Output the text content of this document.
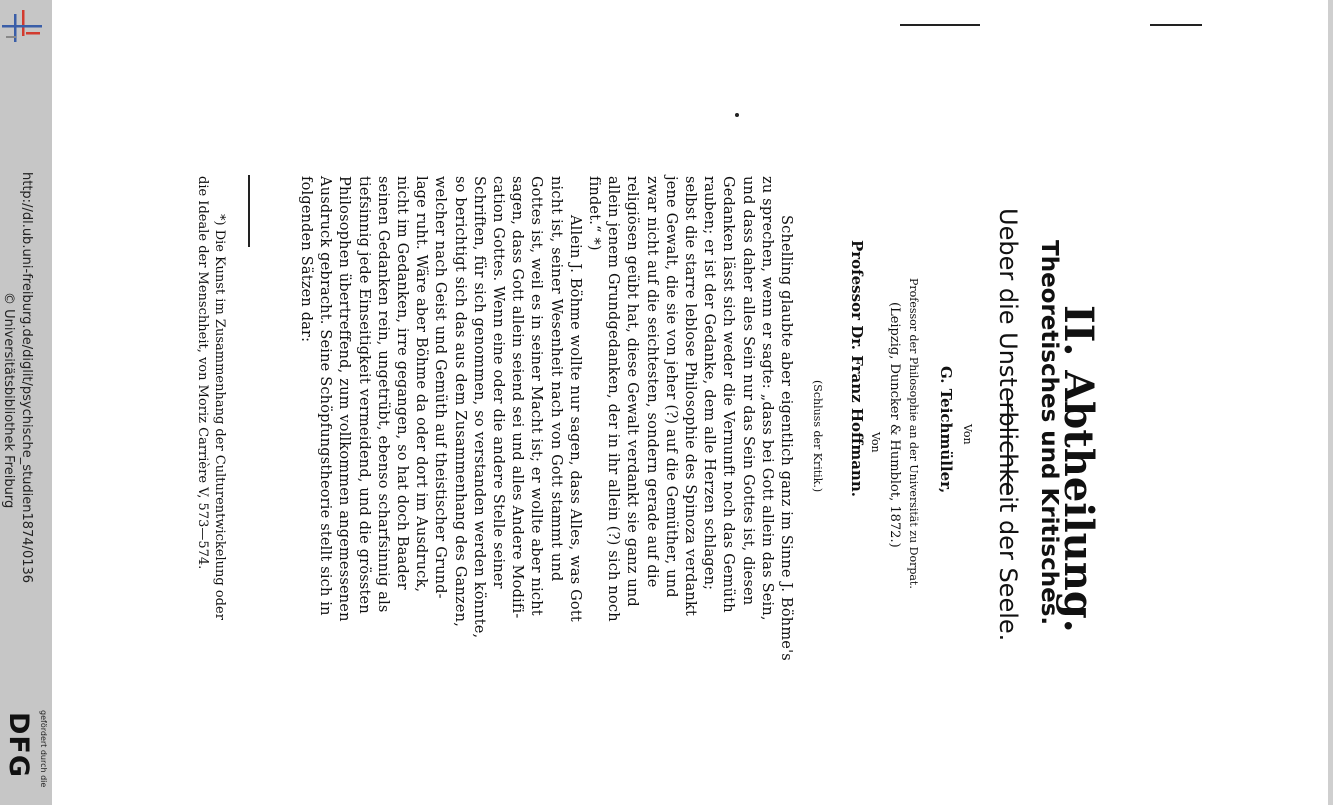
http://dl.ub.uni-freiburg.de/diglit/psychische_studien1874/0136
© Universitätsbibliothek Freiburg
gefördert durch die
DFG
II. Abtheilung.
Theoretisches und Kritisches.
Ueber die Unsterblichkeit der Seele.
Von
G. Teichmüller,
Professor der Philosophie an der Universität zu Dorpat.
(Leipzig, Duncker & Humblot, 1872.)
Von
Professor Dr. Franz Hoffmann.
(Schluss der Kritik.)
Schelling glaubte aber eigentlich ganz im Sinne J. Böhme's
zu sprechen, wenn er sagte: „dass bei Gott allein das Sein,
und dass daher alles Sein nur das Sein Gottes ist, diesen
Gedanken lässt sich weder die Vernunft noch das Gemüth
rauben; er ist der Gedanke, dem alle Herzen schlagen;
selbst die starre leblose Philosophie des Spinoza verdankt
jene Gewalt, die sie von jeher (?) auf die Gemüther, und
zwar nicht auf die seichtesten, sondern gerade auf die
religiösen geübt hat, diese Gewalt verdankt sie ganz und
allein jenem Grundgedanken, der in ihr allein (?) sich noch
findet.“ *)
Allein J. Böhme wollte nur sagen, dass Alles, was Gott
nicht ist, seiner Wesenheit nach von Gott stammt und
Gottes ist, weil es in seiner Macht ist; er wollte aber nicht
sagen, dass Gott allein seiend sei und alles Andere Modifi-
cation Gottes. Wenn eine oder die andere Stelle seiner
Schriften, für sich genommen, so verstanden werden könnte,
so berichtigt sich das aus dem Zusammenhang des Ganzen,
welcher nach Geist und Gemüth auf theistischer Grund-
lage ruht. Wäre aber Böhme da oder dort im Ausdruck,
nicht im Gedanken, irre gegangen, so hat doch Baader
seinen Gedanken rein, ungetrübt, ebenso scharfsinnig als
tiefsinnig jede Einseitigkeit vermeidend, und die grössten
Philosophen übertreffend, zum vollkommen angemessenen
Ausdruck gebracht. Seine Schöpfungstheorie stellt sich in
folgenden Sätzen dar:
*) Die Kunst im Zusammenhang der Culturentwickelung oder
die Ideale der Menschheit, von Moriz Carrière V, 573—574.
